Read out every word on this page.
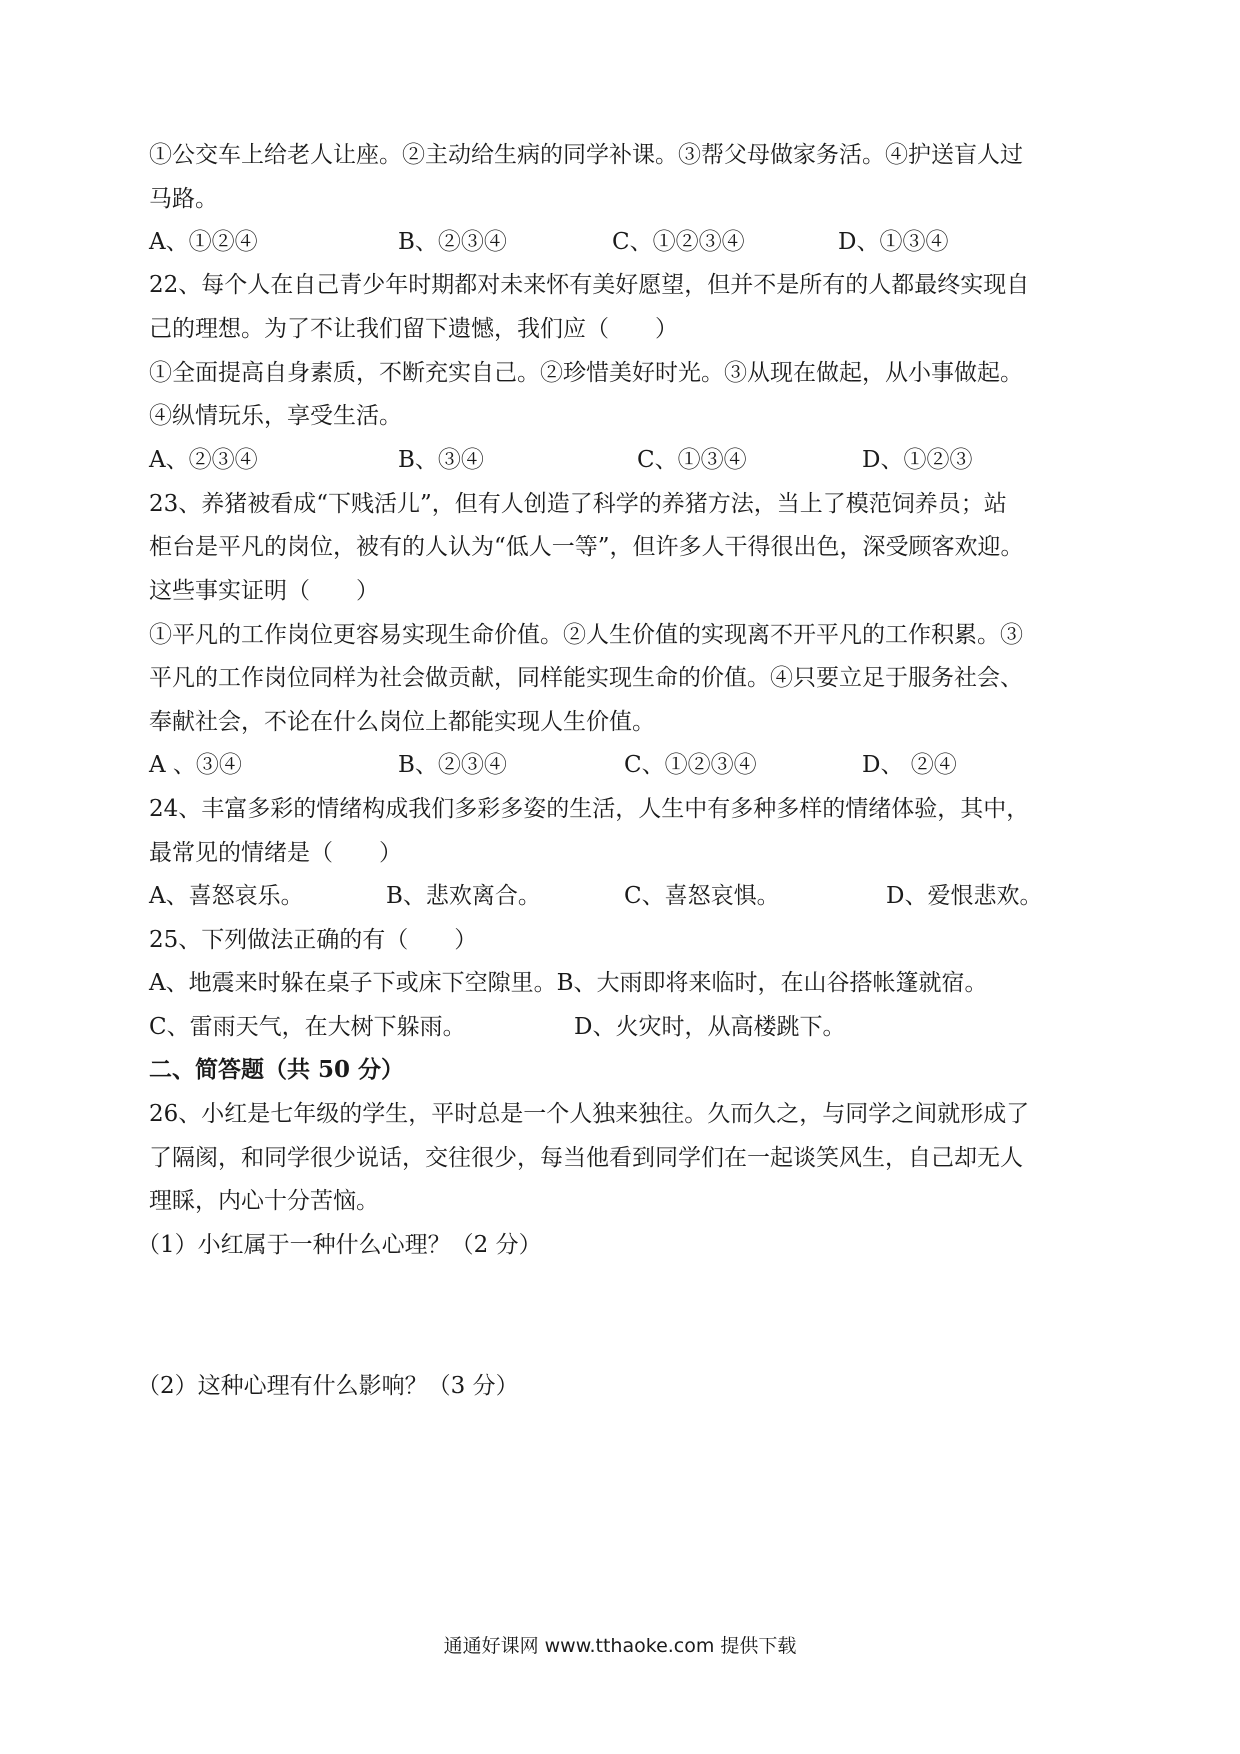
①公交车上给老人让座。②主动给生病的同学补课。③帮父母做家务活。④护送盲人过
马路。
A、①②④	B、②③④	C、①②③④	D、①③④
22、每个人在自己青少年时期都对未来怀有美好愿望，但并不是所有的人都最终实现自
己的理想。为了不让我们留下遗憾，我们应（　　）
①全面提高自身素质，不断充实自己。②珍惜美好时光。③从现在做起，从小事做起。
④纵情玩乐，享受生活。
A、②③④	B、③④	C、①③④	D、①②③
23、养猪被看成“下贱活儿”，但有人创造了科学的养猪方法，当上了模范饲养员；站
柜台是平凡的岗位，被有的人认为“低人一等”，但许多人干得很出色，深受顾客欢迎。
这些事实证明（　　）
①平凡的工作岗位更容易实现生命价值。②人生价值的实现离不开平凡的工作积累。③
平凡的工作岗位同样为社会做贡献，同样能实现生命的价值。④只要立足于服务社会、
奉献社会，不论在什么岗位上都能实现人生价值。
A 、③④	B、②③④	C、①②③④	D、 ②④
24、丰富多彩的情绪构成我们多彩多姿的生活，人生中有多种多样的情绪体验，其中，
最常见的情绪是（　　）
A、喜怒哀乐。	B、悲欢离合。	C、喜怒哀惧。	D、爱恨悲欢。
25、下列做法正确的有（　　）
A、地震来时躲在桌子下或床下空隙里。B、大雨即将来临时，在山谷搭帐篷就宿。
C、雷雨天气，在大树下躲雨。	D、火灾时，从高楼跳下。
二、简答题（共 50 分）
26、小红是七年级的学生，平时总是一个人独来独往。久而久之，与同学之间就形成了
了隔阂，和同学很少说话，交往很少，每当他看到同学们在一起谈笑风生，自己却无人
理睬，内心十分苦恼。
（1）小红属于一种什么心理？（2 分）
（2）这种心理有什么影响？（3 分）
通通好课网 www.tthaoke.com 提供下载
